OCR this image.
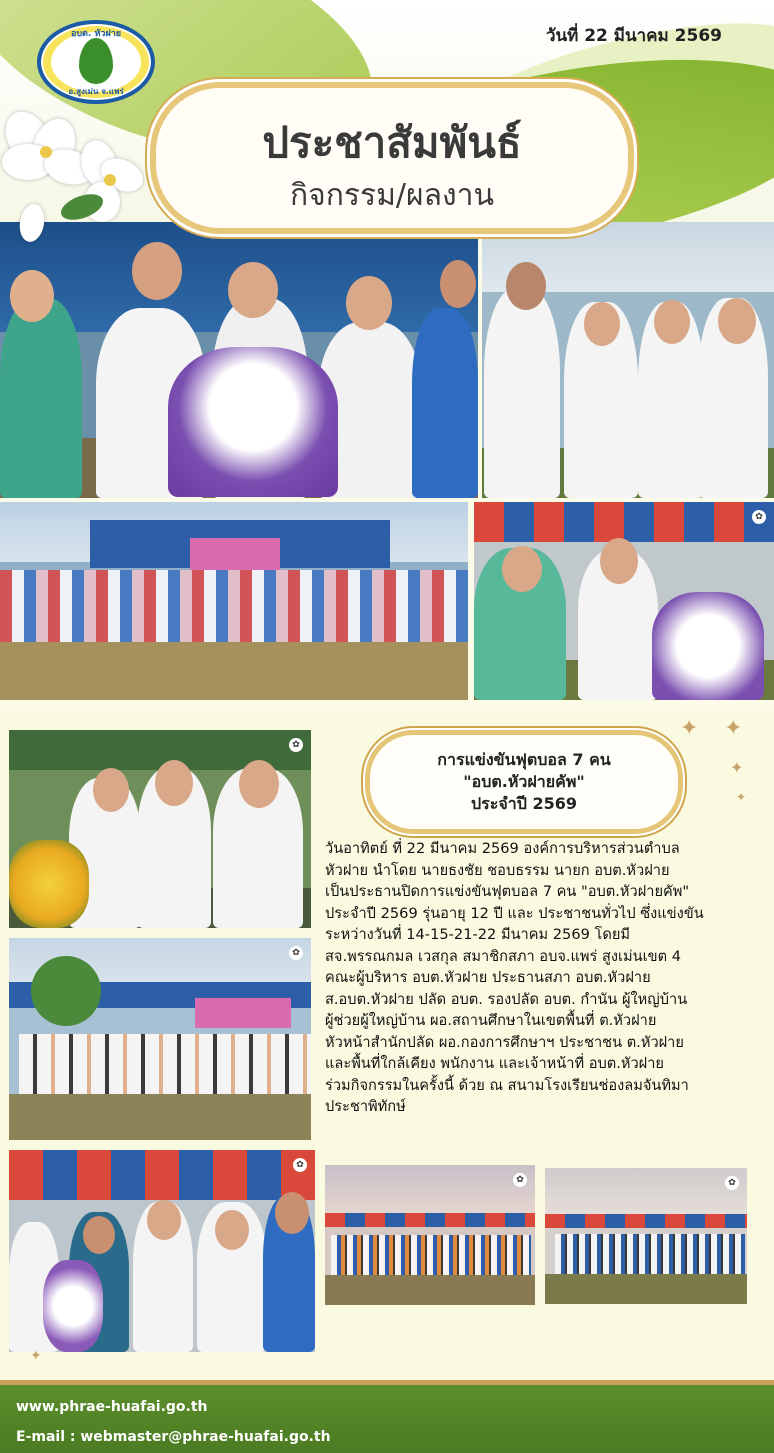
วันที่ 22 มีนาคม 2569
อบต. หัวฝาย
อ.สูงเม่น จ.แพร่
✿
✿
✿
✿
การแข่งขันฟุตบอล 7 คน
"อบต.หัวฝายคัพ"
ประจำปี 2569
✦ ✦
✦
✦
✦

วันอาทิตย์ ที่ 22 มีนาคม 2569 องค์การบริหารส่วนตำบล

หัวฝาย นำโดย นายธงชัย ชอบธรรม นายก อบต.หัวฝาย

เป็นประธานปิดการแข่งขันฟุตบอล 7 คน "อบต.หัวฝายคัพ"

ประจำปี 2569 รุ่นอายุ 12 ปี และ ประชาชนทั่วไป ซึ่งแข่งขัน

ระหว่างวันที่ 14-15-21-22 มีนาคม 2569 โดยมี

สจ.พรรณกมล เวสกุล สมาชิกสภา อบจ.แพร่ สูงเม่นเขต 4

คณะผู้บริหาร อบต.หัวฝาย ประธานสภา อบต.หัวฝาย

ส.อบต.หัวฝาย ปลัด อบต. รองปลัด อบต. กำนัน ผู้ใหญ่บ้าน

ผู้ช่วยผู้ใหญ่บ้าน ผอ.สถานศึกษาในเขตพื้นที่ ต.หัวฝาย

หัวหน้าสำนักปลัด ผอ.กองการศึกษาฯ ประชาชน ต.หัวฝาย

และพื้นที่ใกล้เคียง พนักงาน และเจ้าหน้าที่ อบต.หัวฝาย

ร่วมกิจกรรมในครั้งนี้ ด้วย ณ สนามโรงเรียนช่องลมจันทิมา

ประชาพิทักษ์

✿	✿
ประชาสัมพันธ์
กิจกรรม/ผลงาน
www.phrae-huafai.go.th
E-mail : webmaster@phrae-huafai.go.th
